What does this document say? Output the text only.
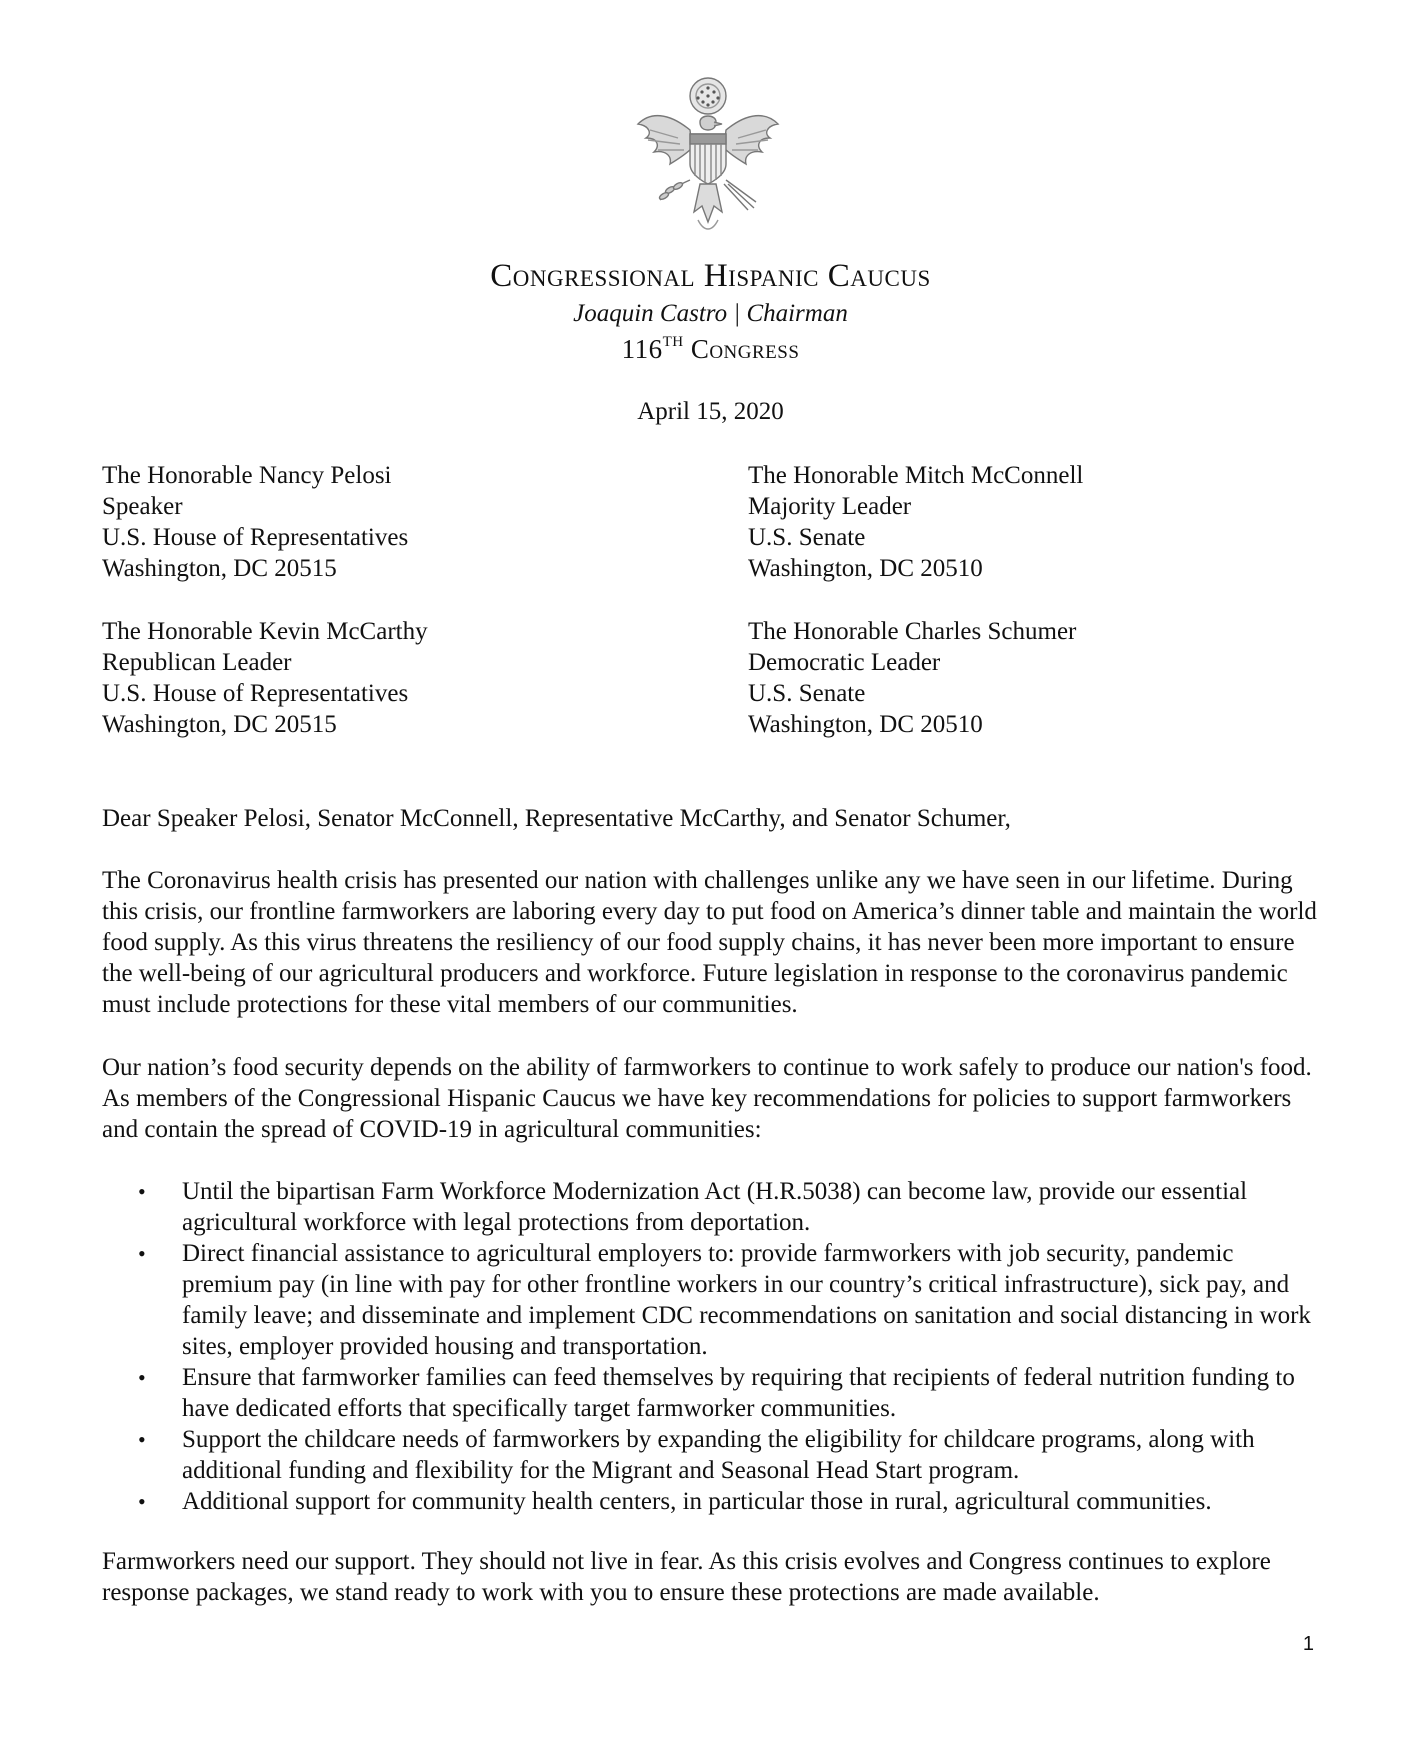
Congressional Hispanic Caucus
Joaquin Castro | Chairman
116TH Congress
April 15, 2020
The Honorable Nancy Pelosi
Speaker
U.S. House of Representatives
Washington, DC 20515
The Honorable Mitch McConnell
Majority Leader
U.S. Senate
Washington, DC 20510
The Honorable Kevin McCarthy
Republican Leader
U.S. House of Representatives
Washington, DC 20515
The Honorable Charles Schumer
Democratic Leader
U.S. Senate
Washington, DC 20510
Dear Speaker Pelosi, Senator McConnell, Representative McCarthy, and Senator Schumer,
The Coronavirus health crisis has presented our nation with challenges unlike any we have seen in our lifetime. During this crisis, our frontline farmworkers are laboring every day to put food on America’s dinner table and maintain the world food supply. As this virus threatens the resiliency of our food supply chains, it has never been more important to ensure the well-being of our agricultural producers and workforce. Future legislation in response to the coronavirus pandemic must include protections for these vital members of our communities.
Our nation’s food security depends on the ability of farmworkers to continue to work safely to produce our nation's food. As members of the Congressional Hispanic Caucus we have key recommendations for policies to support farmworkers and contain the spread of COVID-19 in agricultural communities:
• Until the bipartisan Farm Workforce Modernization Act (H.R.5038) can become law, provide our essential agricultural workforce with legal protections from deportation.
• Direct financial assistance to agricultural employers to: provide farmworkers with job security, pandemic premium pay (in line with pay for other frontline workers in our country’s critical infrastructure), sick pay, and family leave; and disseminate and implement CDC recommendations on sanitation and social distancing in work sites, employer provided housing and transportation.
• Ensure that farmworker families can feed themselves by requiring that recipients of federal nutrition funding to have dedicated efforts that specifically target farmworker communities.
• Support the childcare needs of farmworkers by expanding the eligibility for childcare programs, along with additional funding and flexibility for the Migrant and Seasonal Head Start program.
• Additional support for community health centers, in particular those in rural, agricultural communities.
Farmworkers need our support. They should not live in fear. As this crisis evolves and Congress continues to explore response packages, we stand ready to work with you to ensure these protections are made available.
1
